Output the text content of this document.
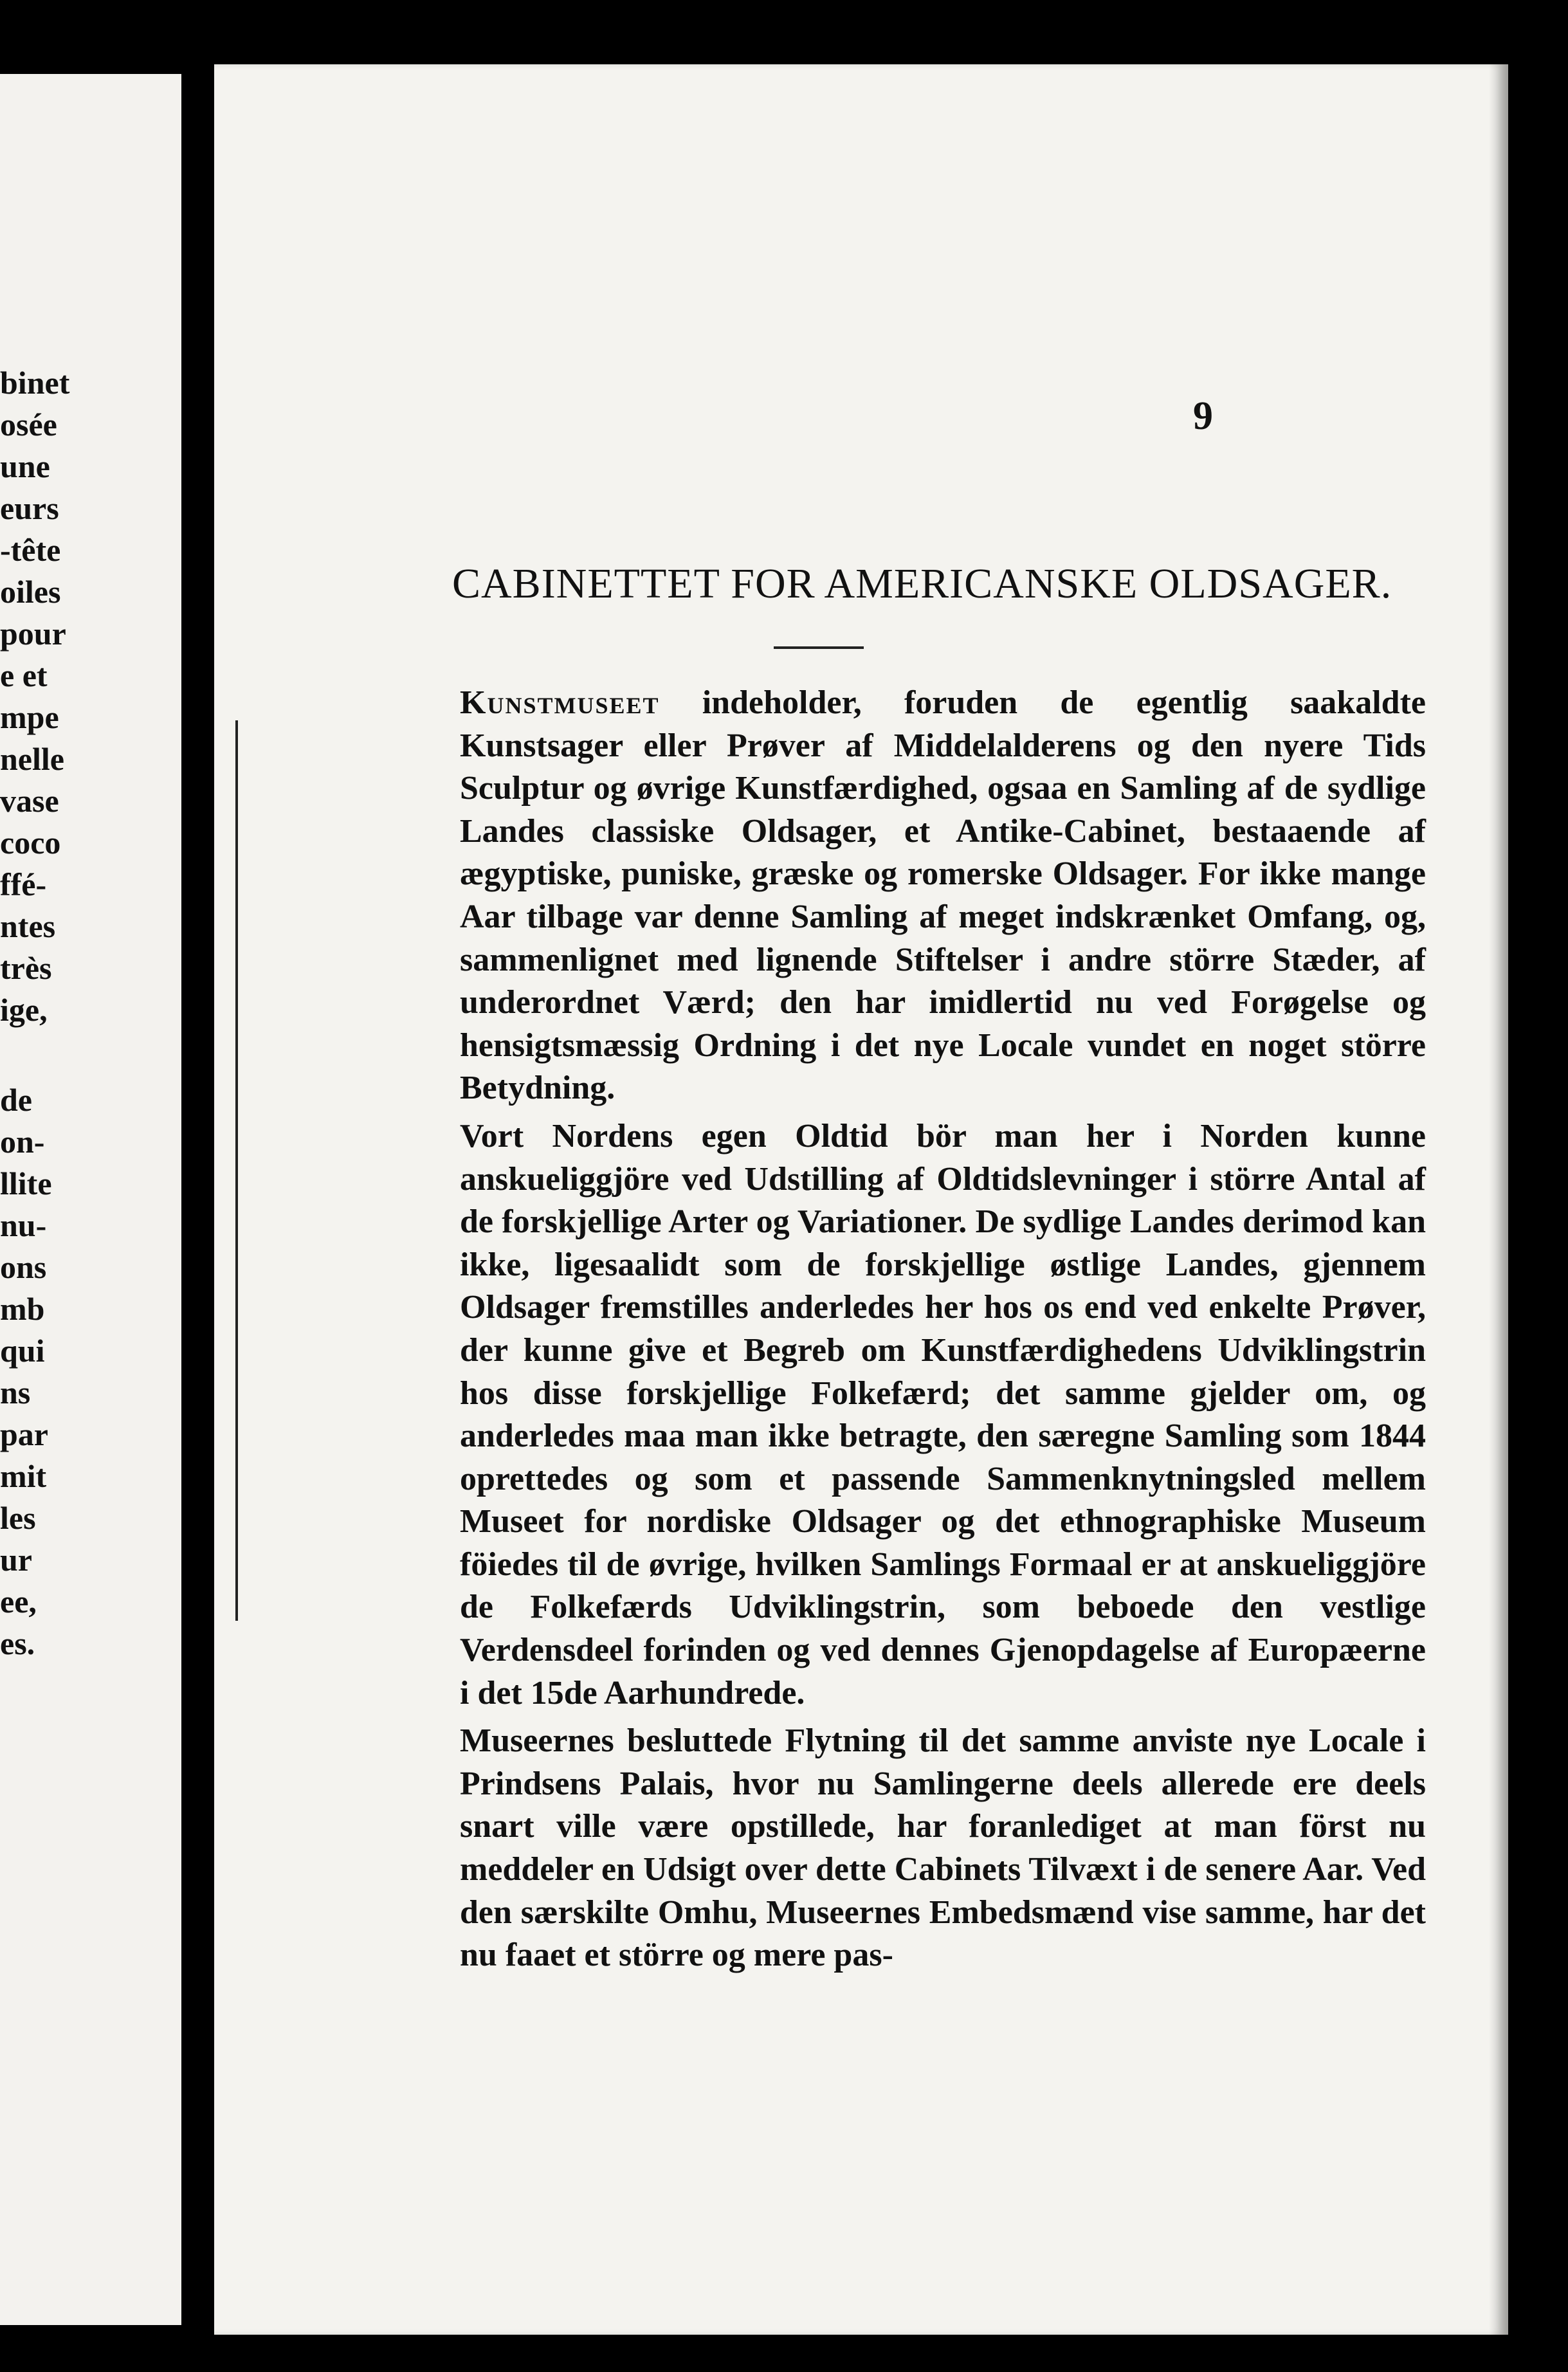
binet
osée
une
eurs
-tête
oiles
pour
e et
mpe
nelle
vase
coco
ffé-
ntes
très
ige,
de
on-
llite
nu-
ons
mb
qui
ns
par
mit
les
ur
ee,
es.
9
CABINETTET FOR AMERICANSKE OLDSAGER.

Kunstmuseet indeholder, foruden de egentlig saakaldte Kunstsager eller Prøver af Middelalderens og den nyere Tids Sculptur og øvrige Kunstfærdighed, ogsaa en Samling af de sydlige Landes classiske Oldsager, et Antike-Cabinet, bestaaende af ægyptiske, puniske, græske og romerske Oldsager. For ikke mange Aar tilbage var denne Samling af meget indskrænket Omfang, og, sammenlignet med lignende Stiftelser i andre större Stæder, af underordnet Værd; den har imidlertid nu ved Forøgelse og hensigtsmæssig Ordning i det nye Locale vundet en noget större Betydning.

Vort Nordens egen Oldtid bör man her i Norden kunne anskueliggjöre ved Udstilling af Oldtidslevninger i större Antal af de forskjellige Arter og Variationer. De sydlige Landes derimod kan ikke, ligesaalidt som de forskjellige østlige Landes, gjennem Oldsager fremstilles anderledes her hos os end ved enkelte Prøver, der kunne give et Begreb om Kunstfærdighedens Udviklingstrin hos disse forskjellige Folkefærd; det samme gjelder om, og anderledes maa man ikke betragte, den særegne Samling som 1844 oprettedes og som et passende Sammenknytningsled mellem Museet for nordiske Oldsager og det ethnographiske Museum föiedes til de øvrige, hvilken Samlings Formaal er at anskueliggjöre de Folkefærds Udviklingstrin, som beboede den vestlige Verdensdeel forinden og ved dennes Gjenopdagelse af Europæerne i det 15de Aarhundrede.

Museernes besluttede Flytning til det samme anviste nye Locale i Prindsens Palais, hvor nu Samlingerne deels allerede ere deels snart ville være opstillede, har foranlediget at man först nu meddeler en Udsigt over dette Cabinets Tilvæxt i de senere Aar. Ved den særskilte Omhu, Museernes Embedsmænd vise samme, har det nu faaet et större og mere pas-
